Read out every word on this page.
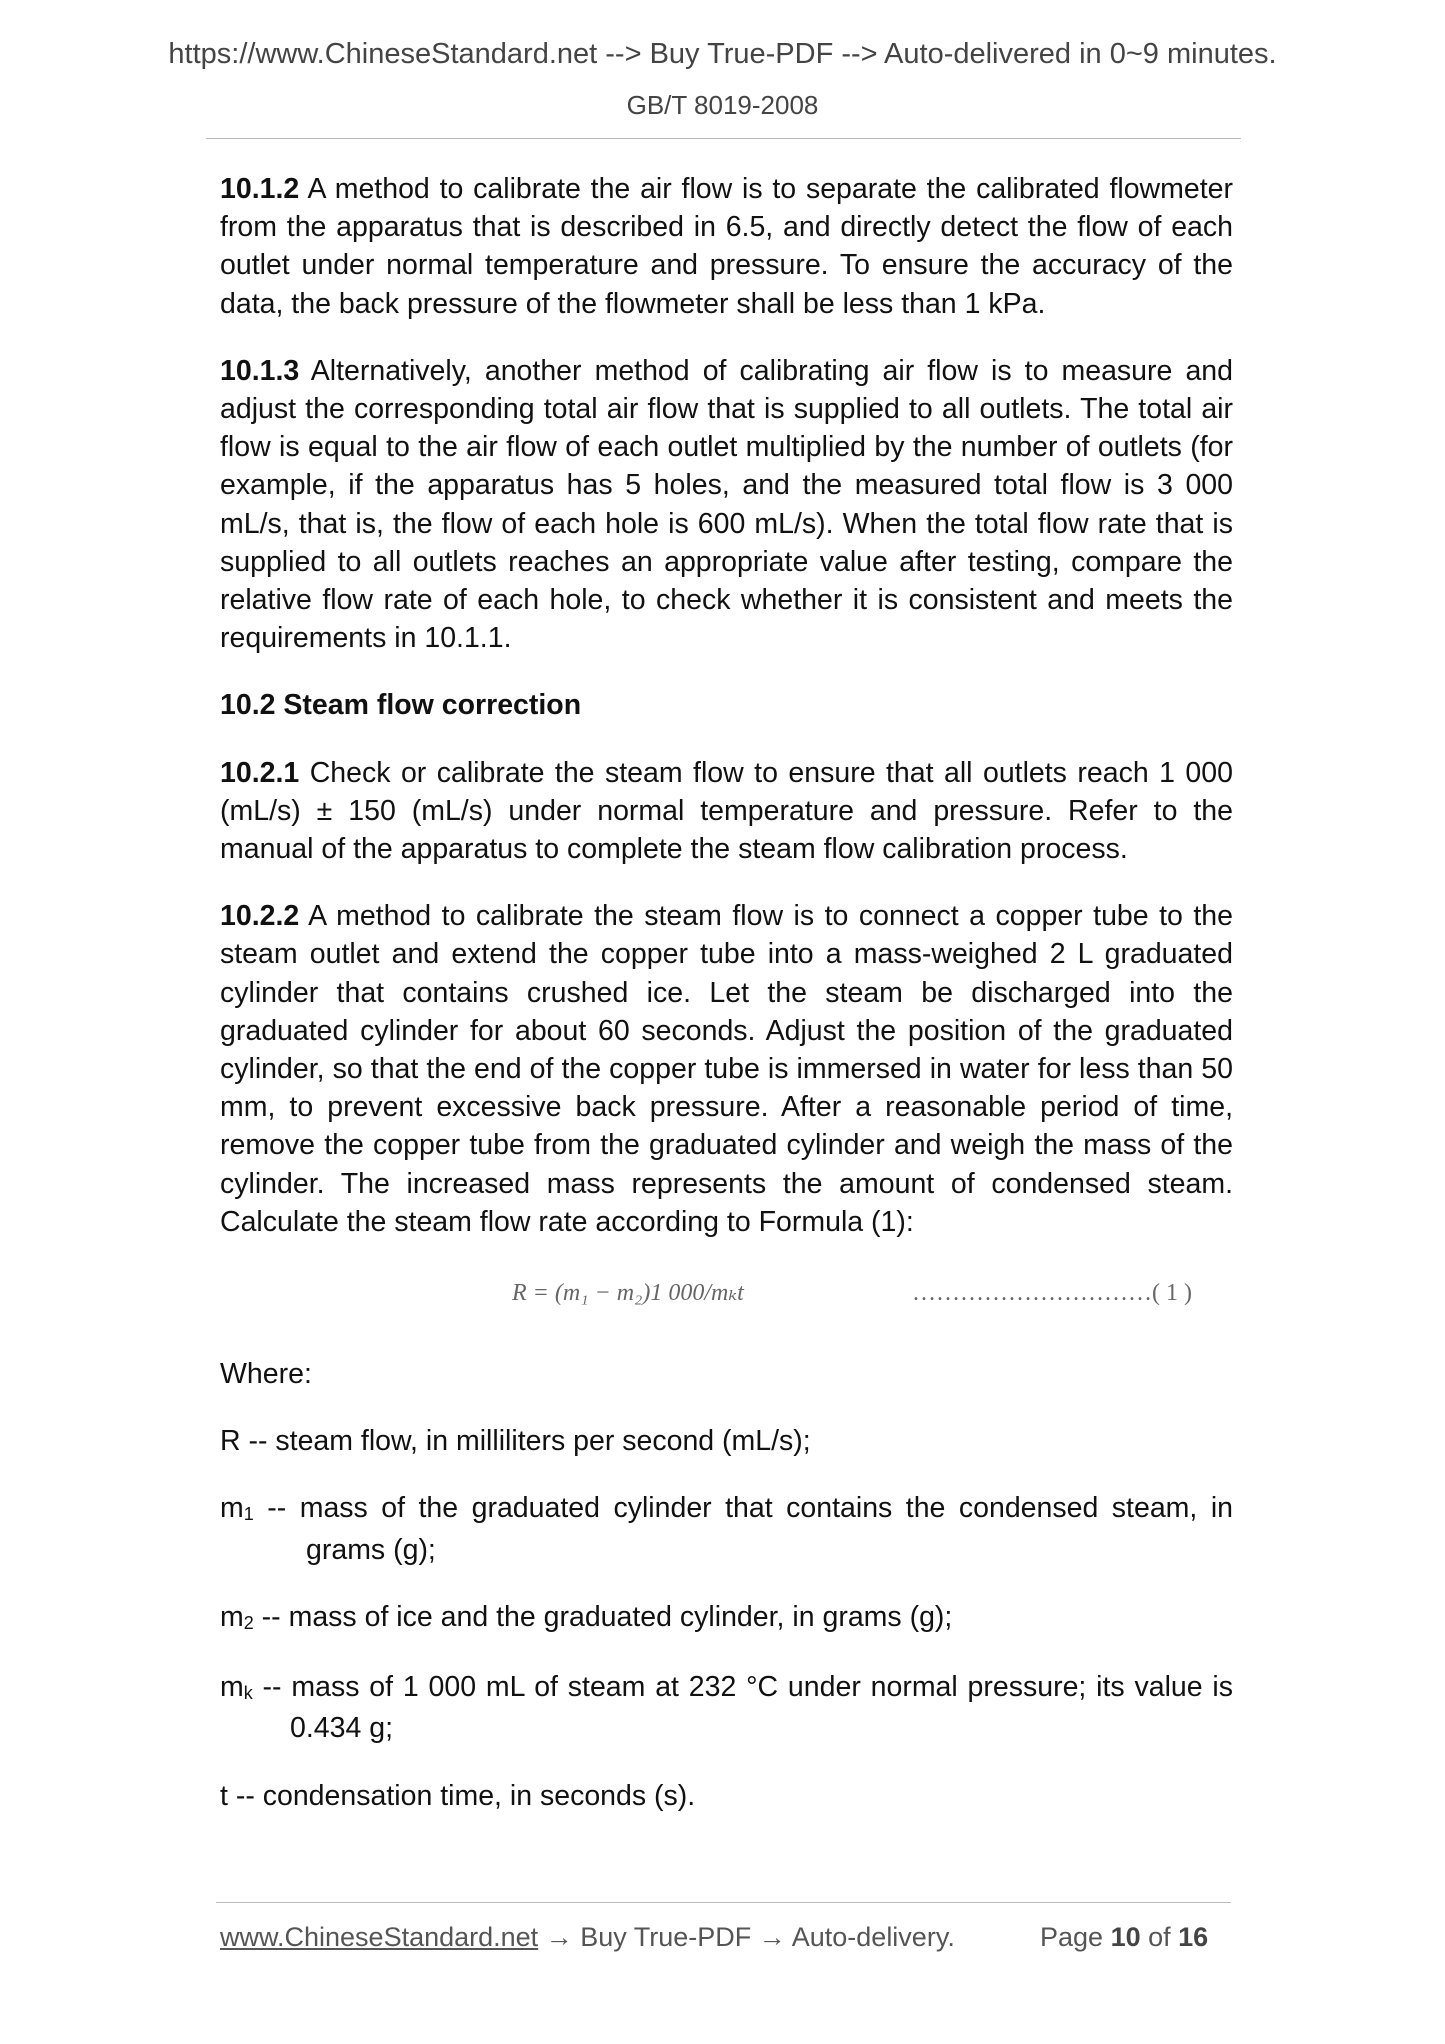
https://www.ChineseStandard.net --> Buy True-PDF --> Auto-delivered in 0~9 minutes.
GB/T 8019-2008

10.1.2 A method to calibrate the air flow is to separate the calibrated flowmeter from the apparatus that is described in 6.5, and directly detect the flow of each outlet under normal temperature and pressure. To ensure the accuracy of the data, the back pressure of the flowmeter shall be less than 1 kPa.

10.1.3 Alternatively, another method of calibrating air flow is to measure and adjust the corresponding total air flow that is supplied to all outlets. The total air flow is equal to the air flow of each outlet multiplied by the number of outlets (for example, if the apparatus has 5 holes, and the measured total flow is 3 000 mL/s, that is, the flow of each hole is 600 mL/s). When the total flow rate that is supplied to all outlets reaches an appropriate value after testing, compare the relative flow rate of each hole, to check whether it is consistent and meets the requirements in 10.1.1.

10.2 Steam flow correction

10.2.1 Check or calibrate the steam flow to ensure that all outlets reach 1 000 (mL/s) ± 150 (mL/s) under normal temperature and pressure. Refer to the manual of the apparatus to complete the steam flow calibration process.

10.2.2 A method to calibrate the steam flow is to connect a copper tube to the steam outlet and extend the copper tube into a mass-weighed 2 L graduated cylinder that contains crushed ice. Let the steam be discharged into the graduated cylinder for about 60 seconds. Adjust the position of the graduated cylinder, so that the end of the copper tube is immersed in water for less than 50 mm, to prevent excessive back pressure. After a reasonable period of time, remove the copper tube from the graduated cylinder and weigh the mass of the cylinder. The increased mass represents the amount of condensed steam. Calculate the steam flow rate according to Formula (1):

R = (m₁ − m₂)1 000/mₖt	…………………………( 1 )

Where:

R -- steam flow, in milliliters per second (mL/s);

$m_1$ -- mass of the graduated cylinder that contains the condensed steam, in grams (g);

$m_2$ -- mass of ice and the graduated cylinder, in grams (g);

$m_k$ -- mass of 1 000 mL of steam at 232 °C under normal pressure; its value is 0.434 g;

t -- condensation time, in seconds (s).

www.ChineseStandard.net → Buy True-PDF → Auto-delivery.	Page 10 of 16
